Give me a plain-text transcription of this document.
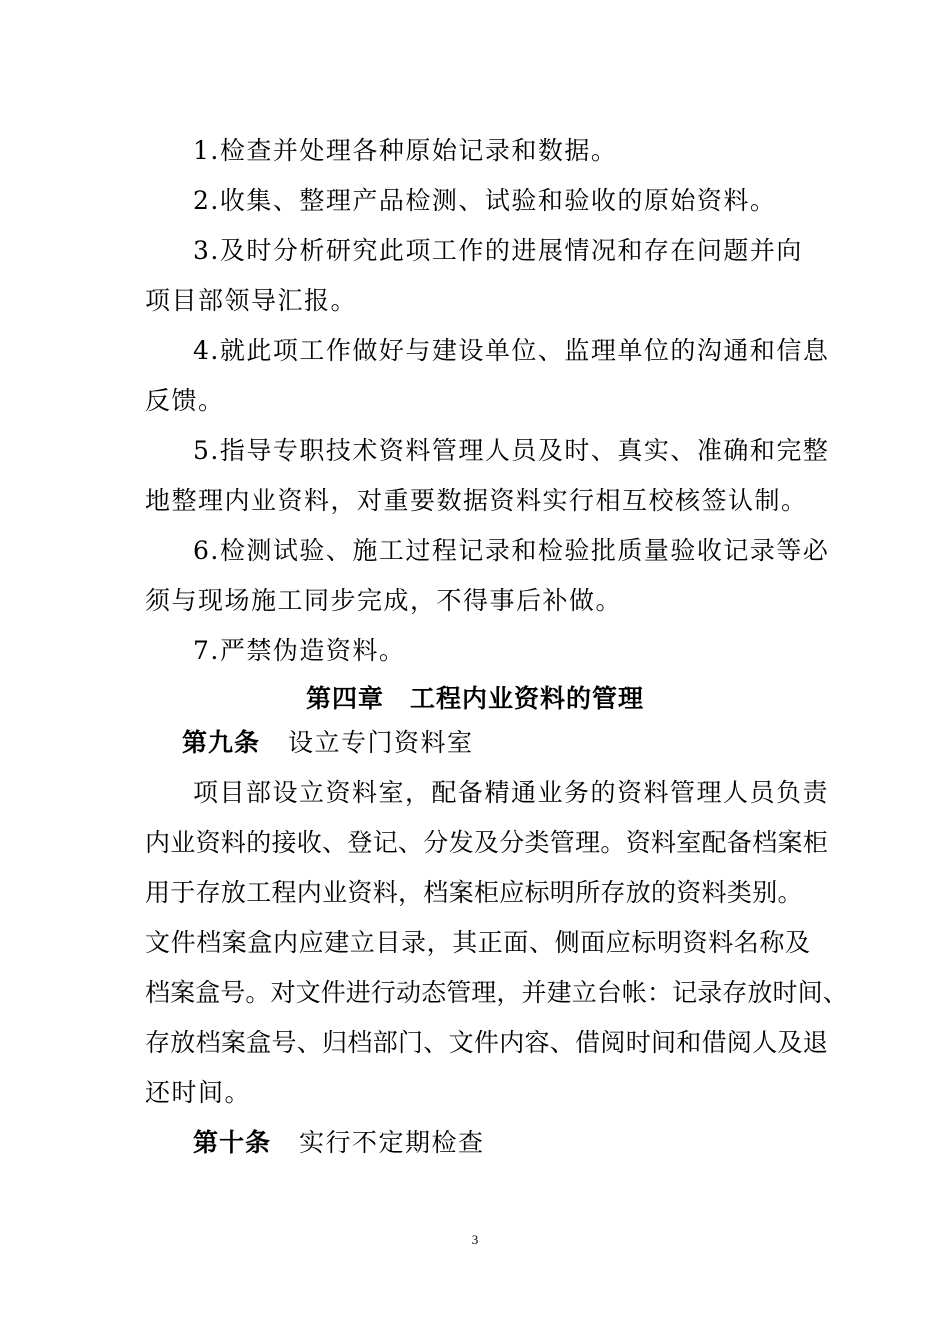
1.检查并处理各种原始记录和数据。
2.收集、整理产品检测、试验和验收的原始资料。
3.及时分析研究此项工作的进展情况和存在问题并向
项目部领导汇报。
4.就此项工作做好与建设单位、监理单位的沟通和信息
反馈。
5.指导专职技术资料管理人员及时、真实、准确和完整
地整理内业资料，对重要数据资料实行相互校核签认制。
6.检测试验、施工过程记录和检验批质量验收记录等必
须与现场施工同步完成，不得事后补做。
7.严禁伪造资料。
第四章　工程内业资料的管理
第九条 设立专门资料室
项目部设立资料室，配备精通业务的资料管理人员负责
内业资料的接收、登记、分发及分类管理。资料室配备档案柜
用于存放工程内业资料，档案柜应标明所存放的资料类别。
文件档案盒内应建立目录，其正面、侧面应标明资料名称及
档案盒号。对文件进行动态管理，并建立台帐：记录存放时间、
存放档案盒号、归档部门、文件内容、借阅时间和借阅人及退
还时间。
第十条 实行不定期检查
3
